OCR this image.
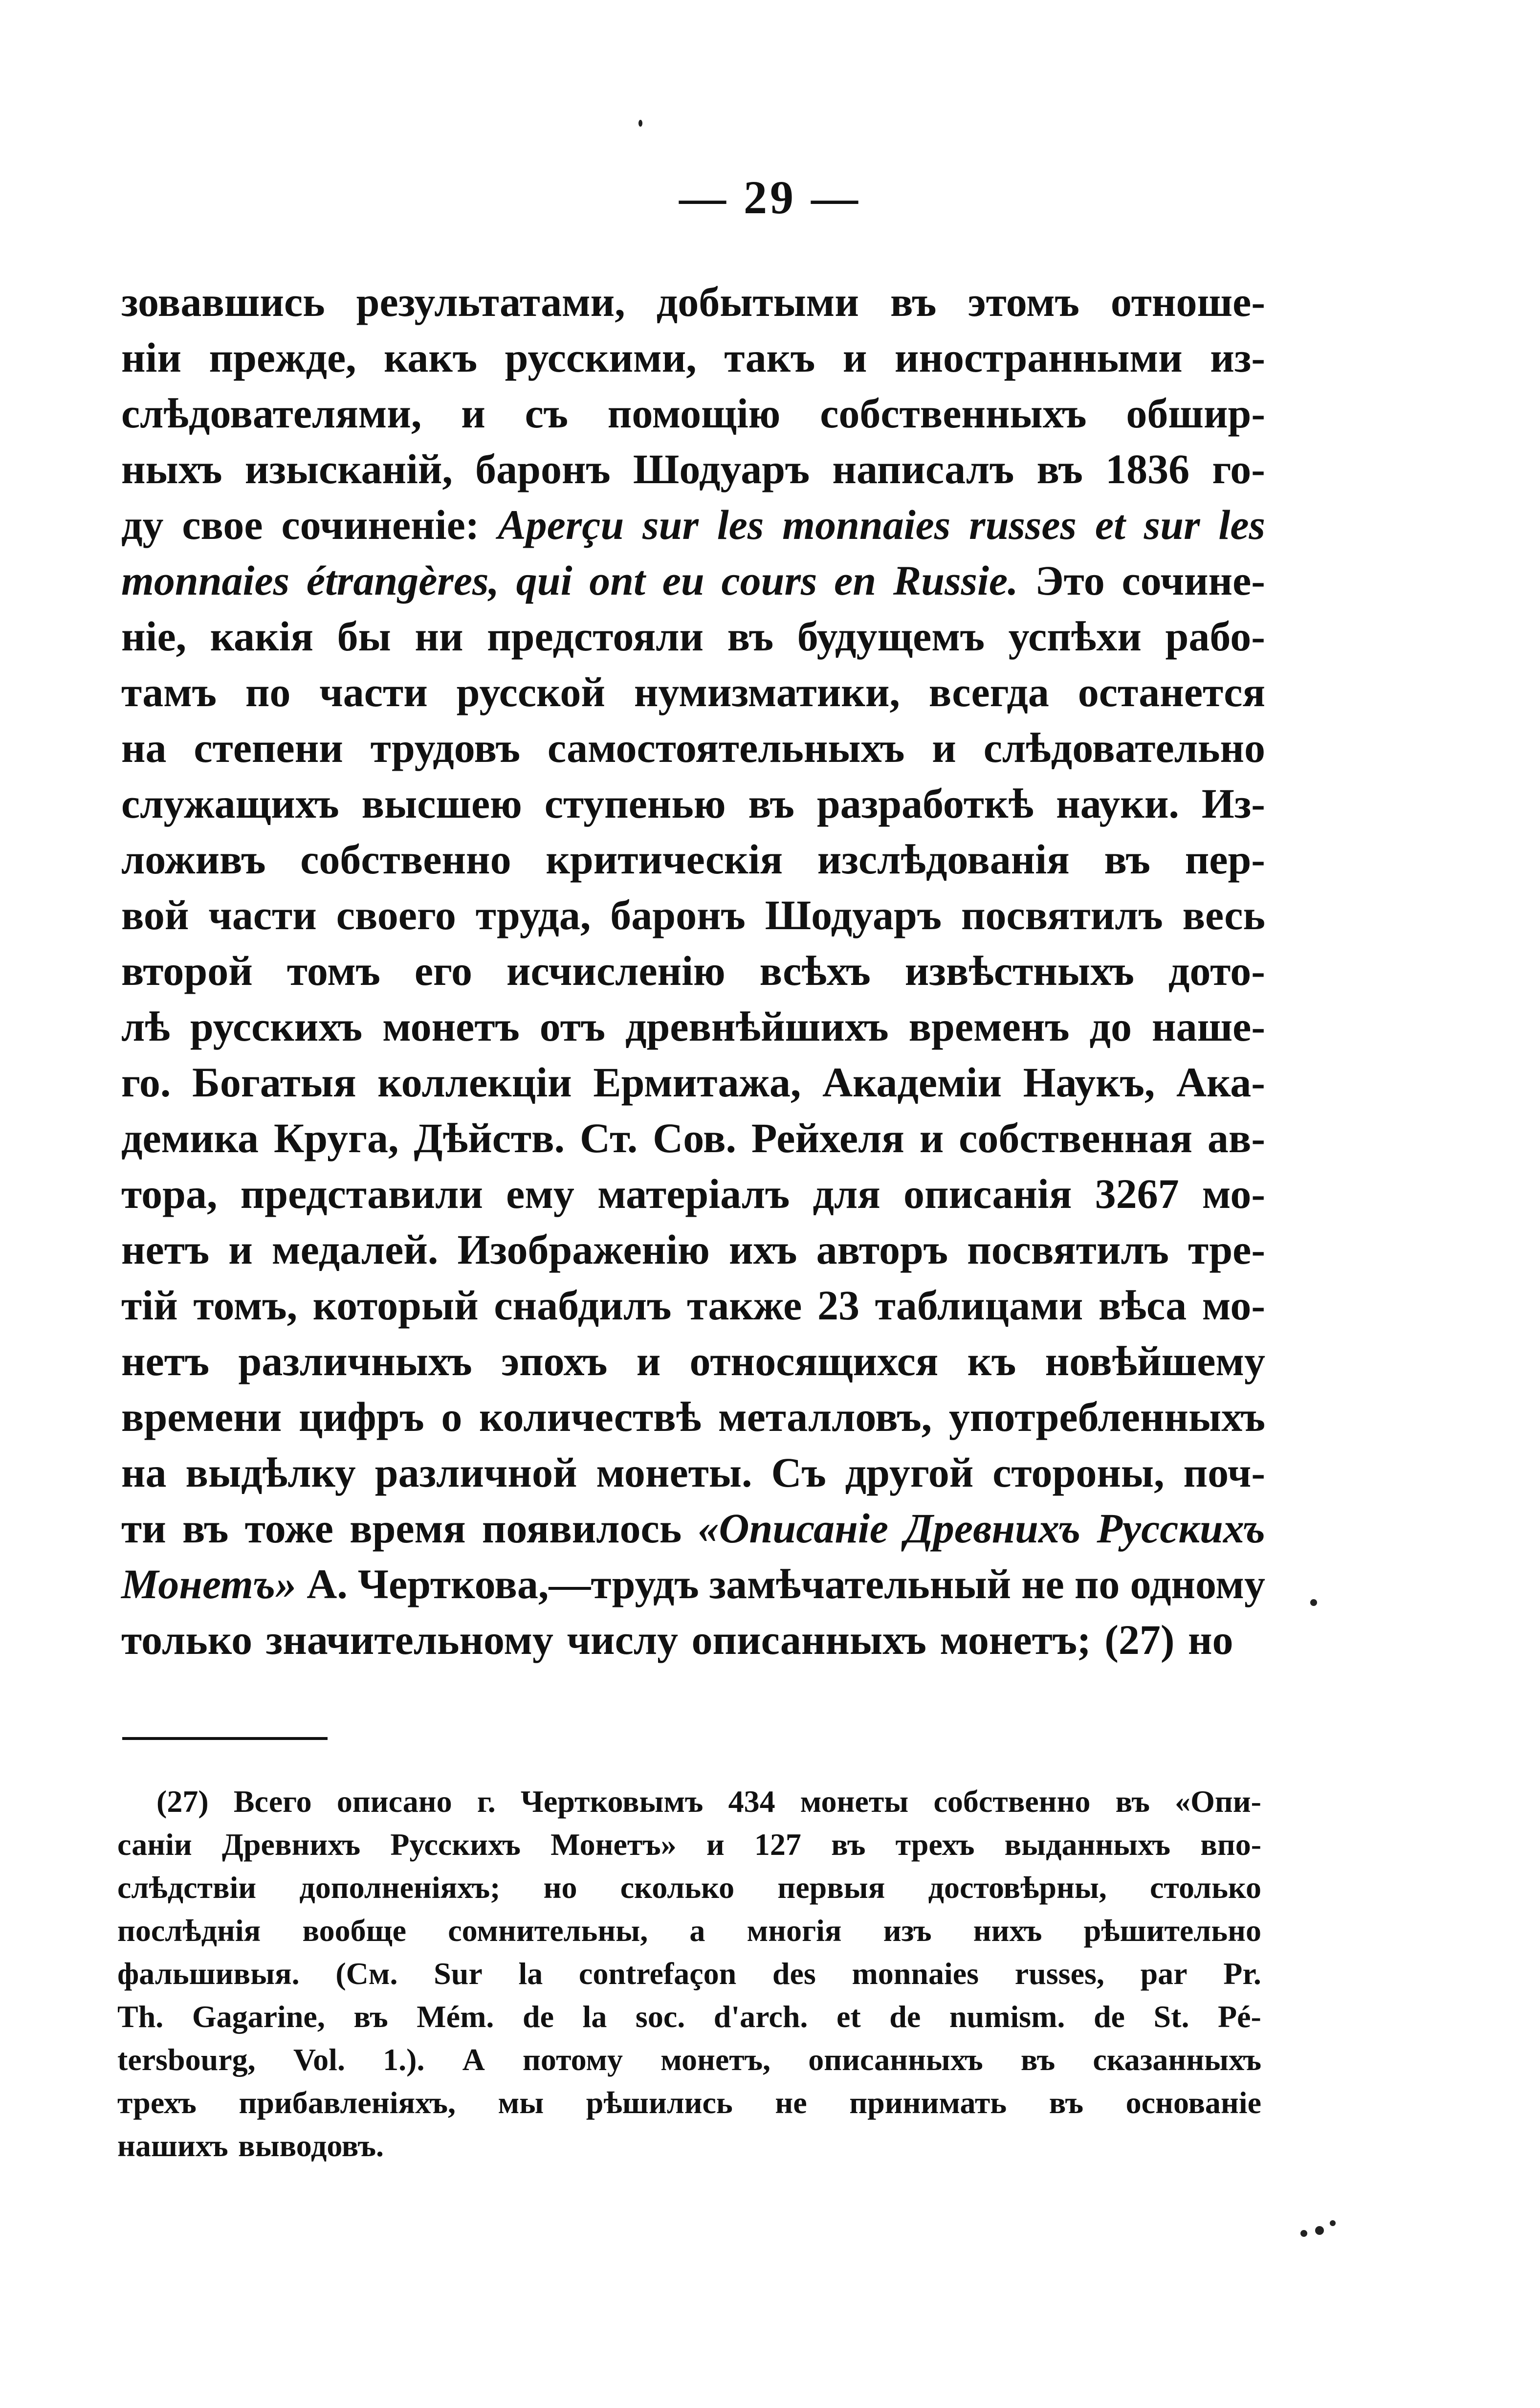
— 29 —
зовавшись результатами, добытыми въ этомъ отноше-
ніи прежде, какъ русскими, такъ и иностранными из-
слѣдователями, и съ помощію собственныхъ обшир-
ныхъ изысканій, баронъ Шодуаръ написалъ въ 1836 го-
ду свое сочиненіе: Aperçu sur les monnaies russes et sur les
monnaies étrangères, qui ont eu cours en Russie. Это сочине-
ніе, какія бы ни предстояли въ будущемъ успѣхи рабо-
тамъ по части русской нумизматики, всегда останется
на степени трудовъ самостоятельныхъ и слѣдовательно
служащихъ высшею ступенью въ разработкѣ науки. Из-
ложивъ собственно критическія изслѣдованія въ пер-
вой части своего труда, баронъ Шодуаръ посвятилъ весь
второй томъ его исчисленію всѣхъ извѣстныхъ дото-
лѣ русскихъ монетъ отъ древнѣйшихъ временъ до наше-
го. Богатыя коллекціи Ермитажа, Академіи Наукъ, Ака-
демика Круга, Дѣйств. Ст. Сов. Рейхеля и собственная ав-
тора, представили ему матеріалъ для описанія 3267 мо-
нетъ и медалей. Изображенію ихъ авторъ посвятилъ тре-
тій томъ, который снабдилъ также 23 таблицами вѣса мо-
нетъ различныхъ эпохъ и относящихся къ новѣйшему
времени цифръ о количествѣ металловъ, употребленныхъ
на выдѣлку различной монеты. Съ другой стороны, поч-
ти въ тоже время появилось «Описаніе Древнихъ Русскихъ
Монетъ» А. Черткова,—трудъ замѣчательный не по одному
только значительному числу описанныхъ монетъ; (27) но
(27) Всего описано г. Чертковымъ 434 монеты собственно въ «Опи-
саніи Древнихъ Русскихъ Монетъ» и 127 въ трехъ выданныхъ впо-
слѣдствіи дополненіяхъ; но сколько первыя достовѣрны, столько
послѣднія вообще сомнительны, а многія изъ нихъ рѣшительно
фальшивыя. (См. Sur la contrefaçon des monnaies russes, par Pr.
Th. Gagarine, въ Mém. de la soc. d'arch. et de numism. de St. Pé-
tersbourg, Vol. 1.). А потому монетъ, описанныхъ въ сказанныхъ
трехъ прибавленіяхъ, мы рѣшились не принимать въ основаніе
нашихъ выводовъ.
